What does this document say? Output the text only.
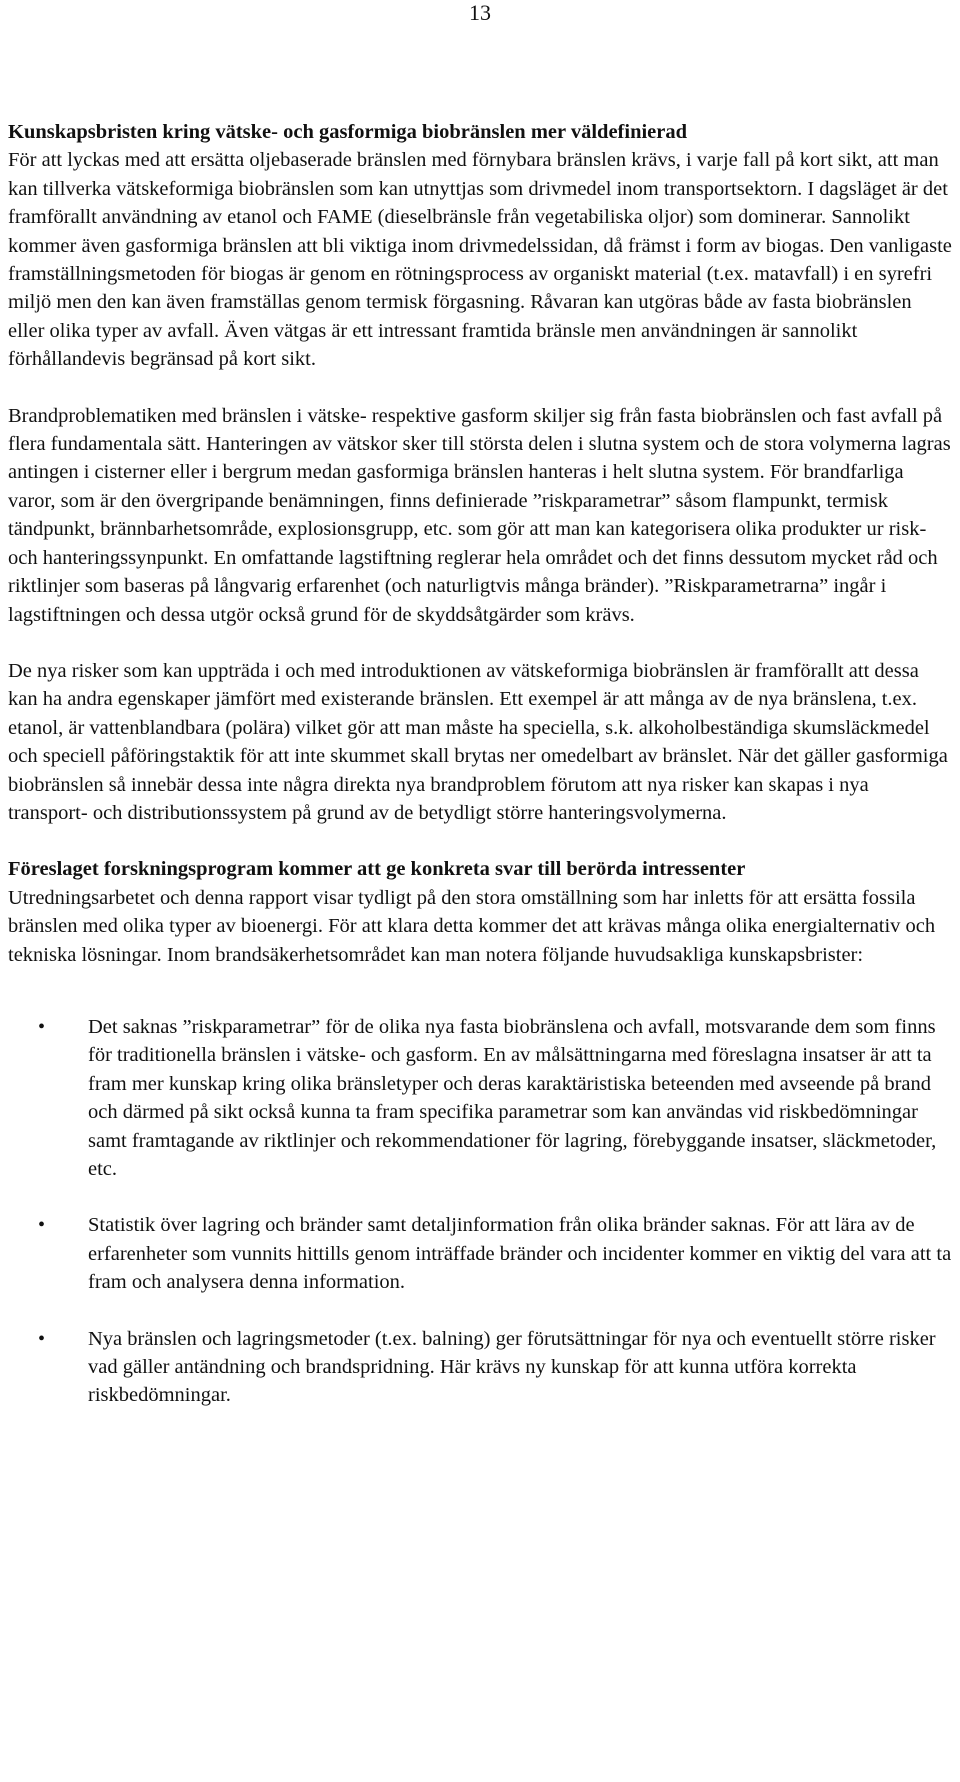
13

Kunskapsbristen kring vätske- och gasformiga biobränslen mer väldefinierad

För att lyckas med att ersätta oljebaserade bränslen med förnybara bränslen krävs, i varje fall på kort sikt, att man kan tillverka vätskeformiga biobränslen som kan utnyttjas som drivmedel inom transportsektorn. I dagsläget är det framförallt användning av etanol och FAME (dieselbränsle från vegetabiliska oljor) som dominerar. Sannolikt kommer även gasformiga bränslen att bli viktiga inom drivmedelssidan, då främst i form av biogas. Den vanligaste framställningsmetoden för biogas är genom en rötningsprocess av organiskt material (t.ex. matavfall) i en syrefri miljö men den kan även framställas genom termisk förgasning. Råvaran kan utgöras både av fasta biobränslen eller olika typer av avfall. Även vätgas är ett intressant framtida bränsle men användningen är sannolikt förhållandevis begränsad på kort sikt.

Brandproblematiken med bränslen i vätske- respektive gasform skiljer sig från fasta biobränslen och fast avfall på flera fundamentala sätt. Hanteringen av vätskor sker till största delen i slutna system och de stora volymerna lagras antingen i cisterner eller i bergrum medan gasformiga bränslen hanteras i helt slutna system. För brandfarliga varor, som är den övergripande benämningen, finns definierade ”riskparametrar” såsom flampunkt, termisk tändpunkt, brännbarhetsområde, explosionsgrupp, etc. som gör att man kan kategorisera olika produkter ur risk- och hanteringssynpunkt. En omfattande lagstiftning reglerar hela området och det finns dessutom mycket råd och riktlinjer som baseras på långvarig erfarenhet (och naturligtvis många bränder). ”Riskparametrarna” ingår i lagstiftningen och dessa utgör också grund för de skyddsåtgärder som krävs.

De nya risker som kan uppträda i och med introduktionen av vätskeformiga biobränslen är framförallt att dessa kan ha andra egenskaper jämfört med existerande bränslen. Ett exempel är att många av de nya bränslena, t.ex. etanol, är vattenblandbara (polära) vilket gör att man måste ha speciella, s.k. alkoholbeständiga skumsläckmedel och speciell påföringstaktik för att inte skummet skall brytas ner omedelbart av bränslet. När det gäller gasformiga biobränslen så innebär dessa inte några direkta nya brandproblem förutom att nya risker kan skapas i nya transport- och distributionssystem på grund av de betydligt större hanteringsvolymerna.

Föreslaget forskningsprogram kommer att ge konkreta svar till berörda intressenter

Utredningsarbetet och denna rapport visar tydligt på den stora omställning som har inletts för att ersätta fossila bränslen med olika typer av bioenergi. För att klara detta kommer det att krävas många olika energialternativ och tekniska lösningar. Inom brandsäkerhetsområdet kan man notera följande huvudsakliga kunskapsbrister:

• Det saknas ”riskparametrar” för de olika nya fasta biobränslena och avfall, motsvarande dem som finns för traditionella bränslen i vätske- och gasform. En av målsättningarna med föreslagna insatser är att ta fram mer kunskap kring olika bränsletyper och deras karaktäristiska beteenden med avseende på brand och därmed på sikt också kunna ta fram specifika parametrar som kan användas vid riskbedömningar samt framtagande av riktlinjer och rekommendationer för lagring, förebyggande insatser, släckmetoder, etc.
• Statistik över lagring och bränder samt detaljinformation från olika bränder saknas. För att lära av de erfarenheter som vunnits hittills genom inträffade bränder och incidenter kommer en viktig del vara att ta fram och analysera denna information.
• Nya bränslen och lagringsmetoder (t.ex. balning) ger förutsättningar för nya och eventuellt större risker vad gäller antändning och brandspridning. Här krävs ny kunskap för att kunna utföra korrekta riskbedömningar.
